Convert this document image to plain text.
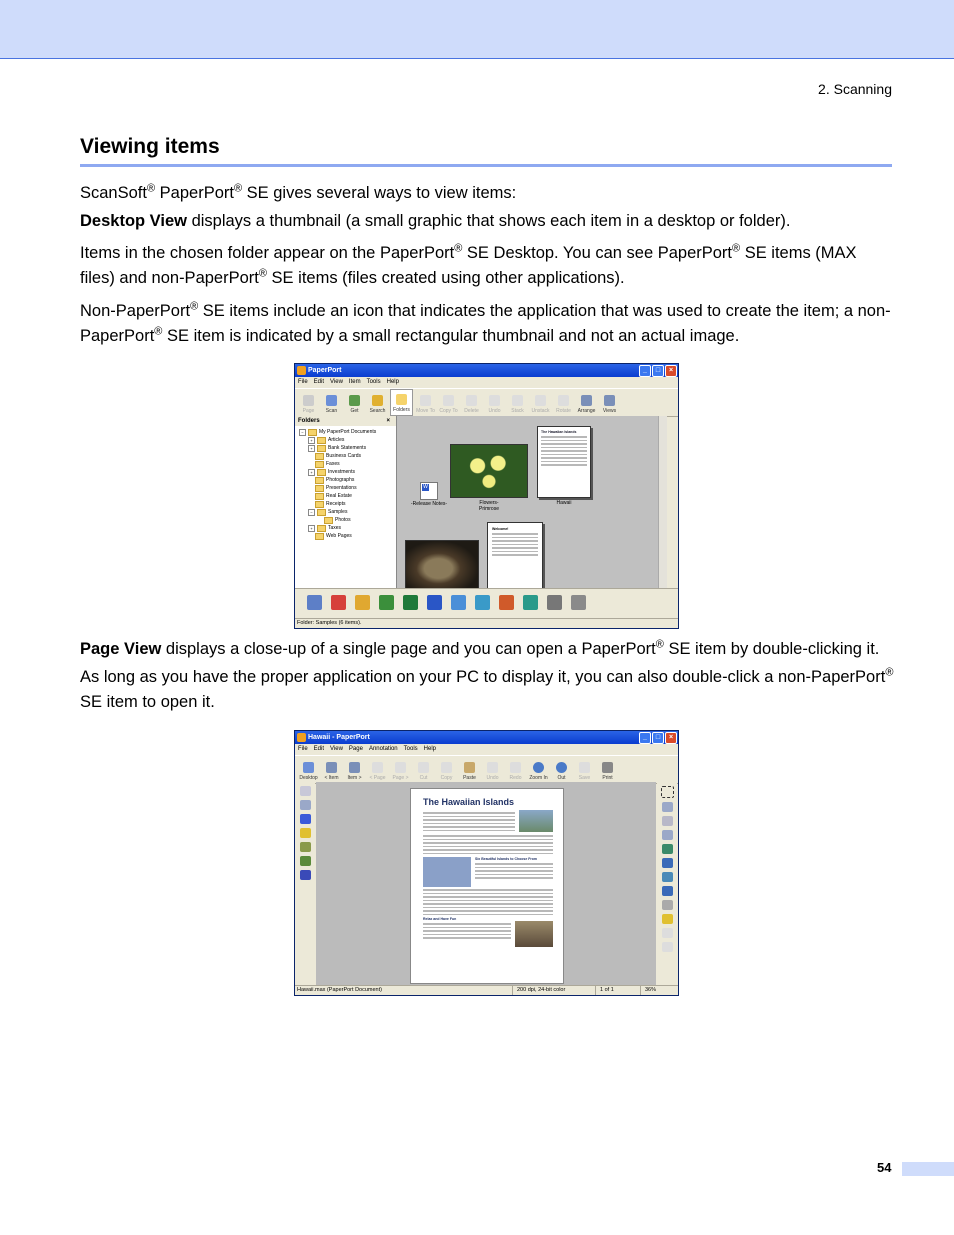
2. Scanning
Viewing items
ScanSoft® PaperPort® SE gives several ways to view items:
Desktop View displays a thumbnail (a small graphic that shows each item in a desktop or folder).
Items in the chosen folder appear on the PaperPort® SE Desktop. You can see PaperPort® SE items (MAX files) and non-PaperPort® SE items (files created using other applications).
Non-PaperPort® SE items include an icon that indicates the application that was used to create the item; a non-PaperPort® SE item is indicated by a small rectangular thumbnail and not an actual image.
PaperPort	_	□	×
File Edit View Item Tools Help
Page Scan	Get Search Folders Move To Copy To Delete Undo Stack Unstack Rotate Arrange Views
Folders	×
−	My PaperPort Documents
+	Articles
+	Bank Statements
Business Cards
Faxes
+	Investments
Photographs
Presentations
Real Estate
Receipts
−	Samples
Photos
+	Taxes
Web Pages
W
-Release Notes-	Flowers-
Primrose
The Hawaiian Islands
Hawaii
Welcome!
Folder: Samples (6 items).
Page View displays a close-up of a single page and you can open a PaperPort® SE item by double-clicking it.
As long as you have the proper application on your PC to display it, you can also double-click a non-PaperPort® SE item to open it.
Hawaii - PaperPort	_	□	×
File Edit View Page Annotation Tools Help
Desktop < Item Item > < Page Page > Cut	Copy Paste Undo Redo Zoom In Out	Save Print
The Hawaiian Islands
Six Beautiful Islands to Choose From
Relax and Have Fun
Hawaii.max (PaperPort Document)	200 dpi, 24-bit color	1 of 1	36%
54
